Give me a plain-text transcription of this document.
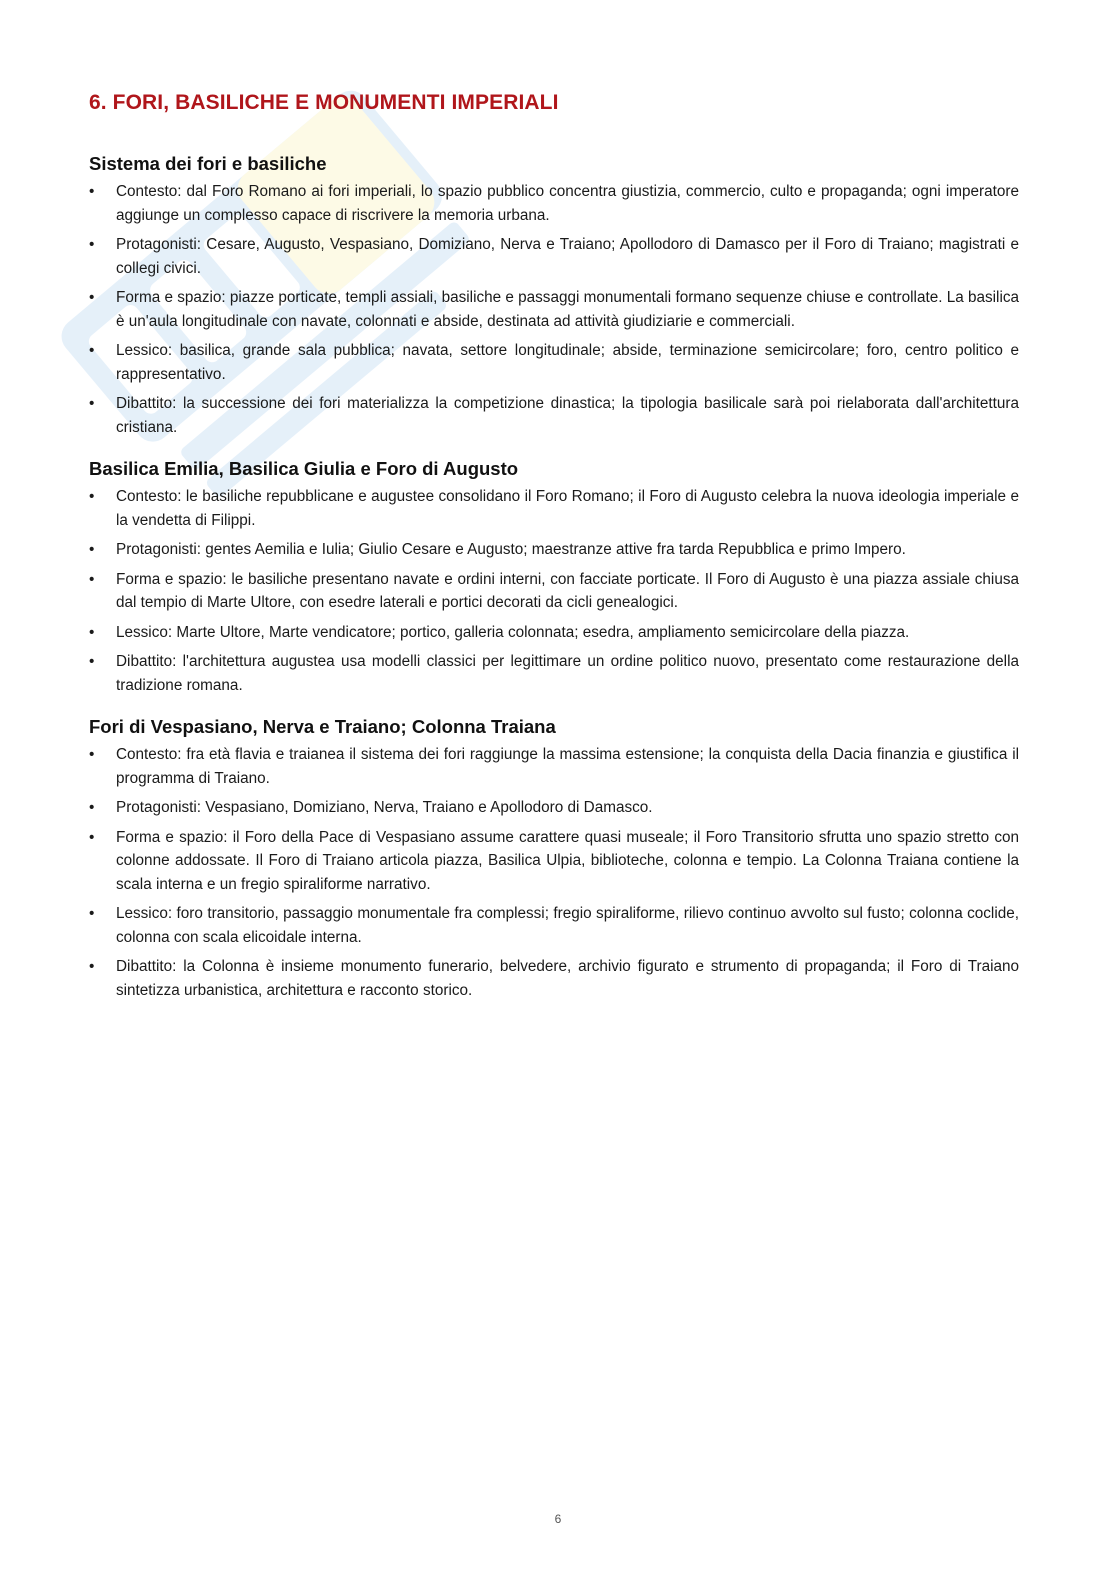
6. FORI, BASILICHE E MONUMENTI IMPERIALI
Sistema dei fori e basiliche
•	Contesto: dal Foro Romano ai fori imperiali, lo spazio pubblico concentra giustizia, commercio, culto e propaganda; ogni imperatore aggiunge un complesso capace di riscrivere la memoria urbana.
•	Protagonisti: Cesare, Augusto, Vespasiano, Domiziano, Nerva e Traiano; Apollodoro di Damasco per il Foro di Traiano; magistrati e collegi civici.
•	Forma e spazio: piazze porticate, templi assiali, basiliche e passaggi monumentali formano sequenze chiuse e controllate. La basilica è un'aula longitudinale con navate, colonnati e abside, destinata ad attività giudiziarie e commerciali.
•	Lessico: basilica, grande sala pubblica; navata, settore longitudinale; abside, terminazione semicircolare; foro, centro politico e rappresentativo.
•	Dibattito: la successione dei fori materializza la competizione dinastica; la tipologia basilicale sarà poi rielaborata dall'architettura cristiana.
Basilica Emilia, Basilica Giulia e Foro di Augusto
•	Contesto: le basiliche repubblicane e augustee consolidano il Foro Romano; il Foro di Augusto celebra la nuova ideologia imperiale e la vendetta di Filippi.
•	Protagonisti: gentes Aemilia e Iulia; Giulio Cesare e Augusto; maestranze attive fra tarda Repubblica e primo Impero.
•	Forma e spazio: le basiliche presentano navate e ordini interni, con facciate porticate. Il Foro di Augusto è una piazza assiale chiusa dal tempio di Marte Ultore, con esedre laterali e portici decorati da cicli genealogici.
•	Lessico: Marte Ultore, Marte vendicatore; portico, galleria colonnata; esedra, ampliamento semicircolare della piazza.
•	Dibattito: l'architettura augustea usa modelli classici per legittimare un ordine politico nuovo, presentato come restaurazione della tradizione romana.
Fori di Vespasiano, Nerva e Traiano; Colonna Traiana
•	Contesto: fra età flavia e traianea il sistema dei fori raggiunge la massima estensione; la conquista della Dacia finanzia e giustifica il programma di Traiano.
•	Protagonisti: Vespasiano, Domiziano, Nerva, Traiano e Apollodoro di Damasco.
•	Forma e spazio: il Foro della Pace di Vespasiano assume carattere quasi museale; il Foro Transitorio sfrutta uno spazio stretto con colonne addossate. Il Foro di Traiano articola piazza, Basilica Ulpia, biblioteche, colonna e tempio. La Colonna Traiana contiene la scala interna e un fregio spiraliforme narrativo.
•	Lessico: foro transitorio, passaggio monumentale fra complessi; fregio spiraliforme, rilievo continuo avvolto sul fusto; colonna coclide, colonna con scala elicoidale interna.
•	Dibattito: la Colonna è insieme monumento funerario, belvedere, archivio figurato e strumento di propaganda; il Foro di Traiano sintetizza urbanistica, architettura e racconto storico.
6
